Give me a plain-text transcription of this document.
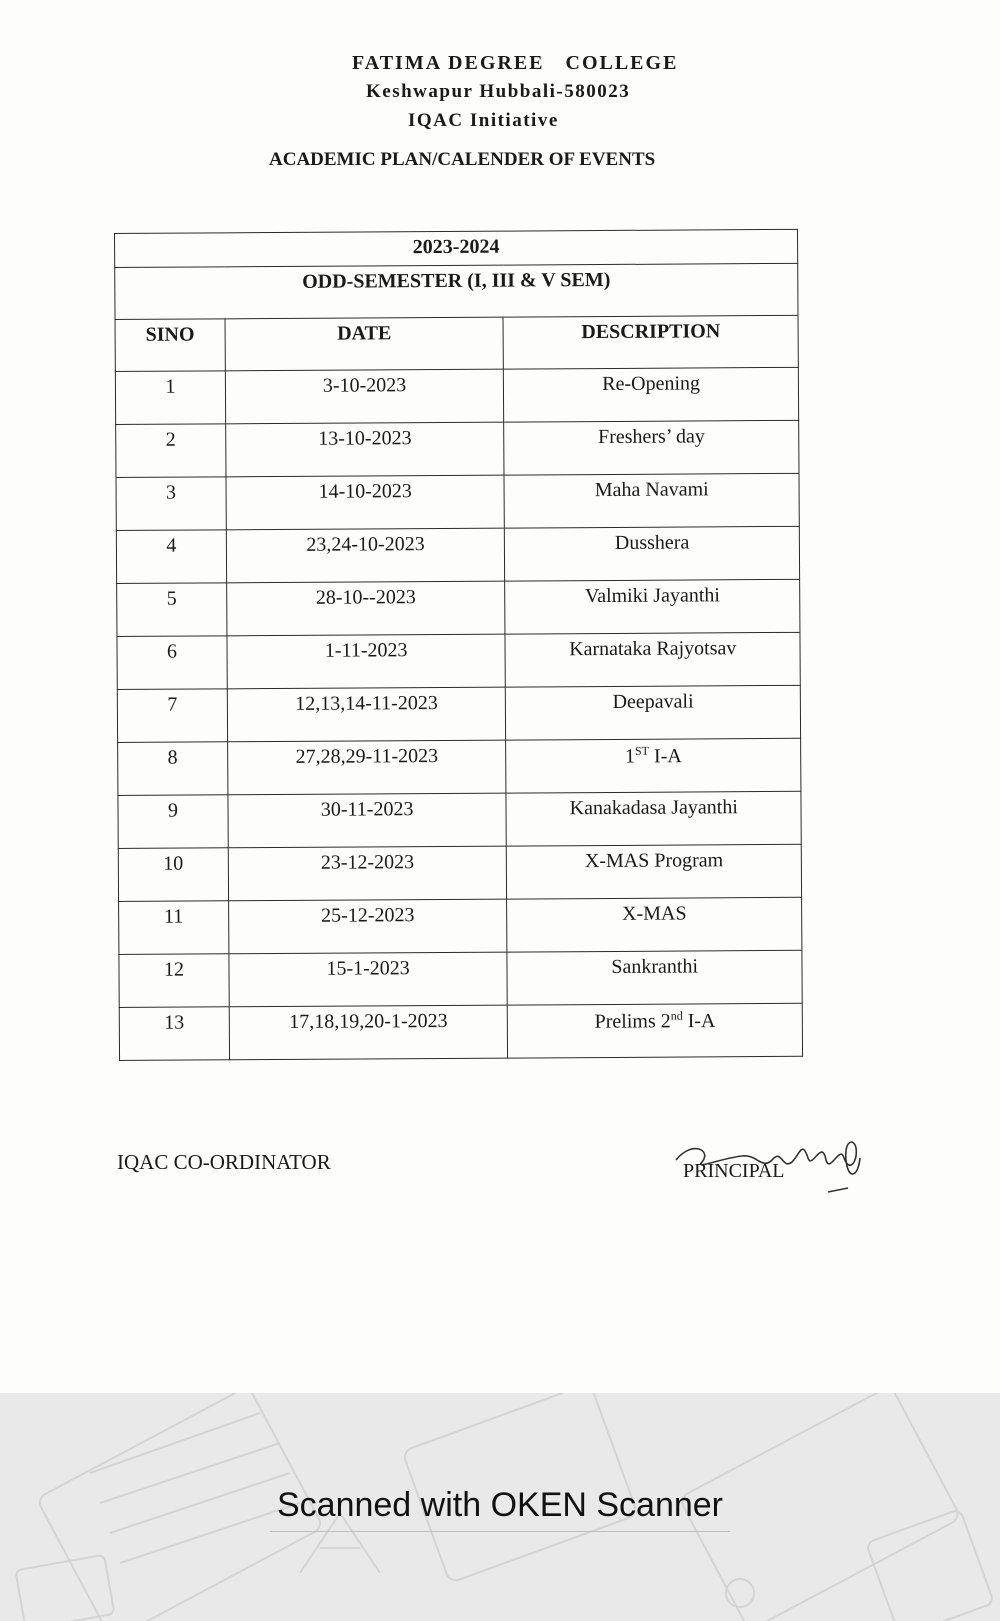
FATIMA DEGREE   COLLEGE
Keshwapur Hubbali-580023
IQAC Initiative
ACADEMIC PLAN/CALENDER OF EVENTS
2023-2024		
ODD-SEMESTER (I, III & V SEM)		
SINO	DATE	DESCRIPTION
1	3-10-2023	Re-Opening
2	13-10-2023	Freshers’ day
3	14-10-2023	Maha Navami
4	23,24-10-2023	Dusshera
5	28-10--2023	Valmiki Jayanthi
6	1-11-2023	Karnataka Rajyotsav
7	12,13,14-11-2023	Deepavali
8	27,28,29-11-2023	1ST I-A
9	30-11-2023	Kanakadasa Jayanthi
10	23-12-2023	X-MAS Program
11	25-12-2023	X-MAS
12	15-1-2023	Sankranthi
13	17,18,19,20-1-2023	Prelims 2nd I-A
IQAC CO-ORDINATOR	PRINCIPAL
Scanned with OKEN Scanner
